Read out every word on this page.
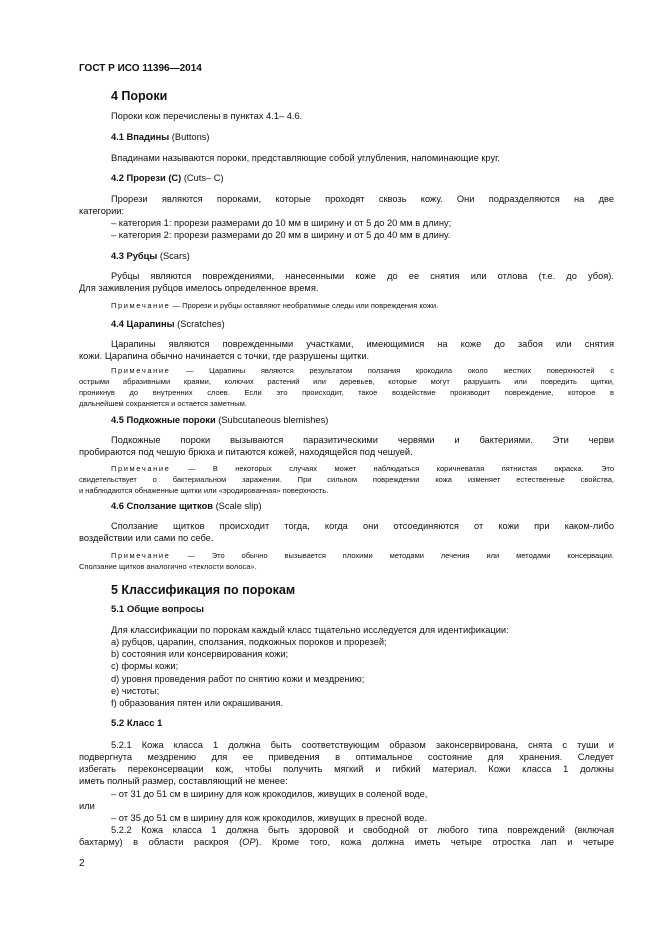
ГОСТ Р ИСО 11396—2014
4 Пороки
Пороки кож перечислены в пунктах 4.1– 4.6.
4.1 Впадины (Buttons)
Впадинами называются пороки, представляющие собой углубления, напоминающие круг.
4.2 Прорези (С) (Cuts– С)
Прорези являются пороками, которые проходят сквозь кожу. Они подразделяются на две
категории:
– категория 1: прорези размерами до 10 мм в ширину и от 5 до 20 мм в длину;
– категория 2: прорези размерами до 20 мм в ширину и от 5 до 40 мм в длину.
4.3 Рубцы (Scars)
Рубцы являются повреждениями, нанесенными коже до ее снятия или отлова (т.е. до убоя).
Для заживления рубцов имелось определенное время.
Примечание — Прорези и рубцы оставляют необратимые следы или повреждения кожи.
4.4 Царапины (Scratches)
Царапины являются поврежденными участками, имеющимися на коже до забоя или снятия
кожи. Царапина обычно начинается с точки, где разрушены щитки.
Примечание — Царапины являются результатом ползания крокодила около жестких поверхностей с
острыми абразивными краями, колючих растений или деревьев, которые могут разрушить или повредить щитки,
проникнув до внутренних слоев. Если это происходит, такое воздействие производит повреждение, которое в
дальнейшем сохраняется и остается заметным.
4.5 Подкожные пороки (Subcutaneous blemishes)
Подкожные пороки вызываются паразитическими червями и бактериями. Эти черви
пробираются под чешую брюха и питаются кожей, находящейся под чешуей.
Примечание — В некоторых случаях может наблюдаться коричневатая пятнистая окраска. Это
свидетельствует о бактериальном заражении. При сильном повреждении кожа изменяет естественные свойства,
и наблюдаются обнаженные щитки или «эродированная» поверхность.
4.6 Сползание щитков (Scale slip)
Сползание щитков происходит тогда, когда они отсоединяются от кожи при каком-либо
воздействии или сами по себе.
Примечание — Это обычно вызывается плохими методами лечения или методами консервации.
Сползание щитков аналогично «теклости волоса».
5 Классификация по порокам
5.1 Общие вопросы
Для классификации по порокам каждый класс тщательно исследуется для идентификации:
a) рубцов, царапин, сползания, подкожных пороков и прорезей;
b) состояния или консервирования кожи;
c) формы кожи;
d) уровня проведения работ по снятию кожи и мездрению;
e) чистоты;
f) образования пятен или окрашивания.
5.2 Класс 1
5.2.1 Кожа класса 1 должна быть соответствующим образом законсервирована, снята с туши и
подвергнута мездрению для ее приведения в оптимальное состояние для хранения. Следует
избегать переконсервации кож, чтобы получить мягкий и гибкий материал. Кожи класса 1 должны
иметь полный размер, составляющий не менее:
– от 31 до 51 см в ширину для кож крокодилов, живущих в соленой воде,
или
– от 35 до 51 см в ширину для кож крокодилов, живущих в пресной воде.
5.2.2 Кожа класса 1 должна быть здоровой и свободной от любого типа повреждений (включая
бахтарму) в области раскроя (ОР). Кроме того, кожа должна иметь четыре отростка лап и четыре
2
